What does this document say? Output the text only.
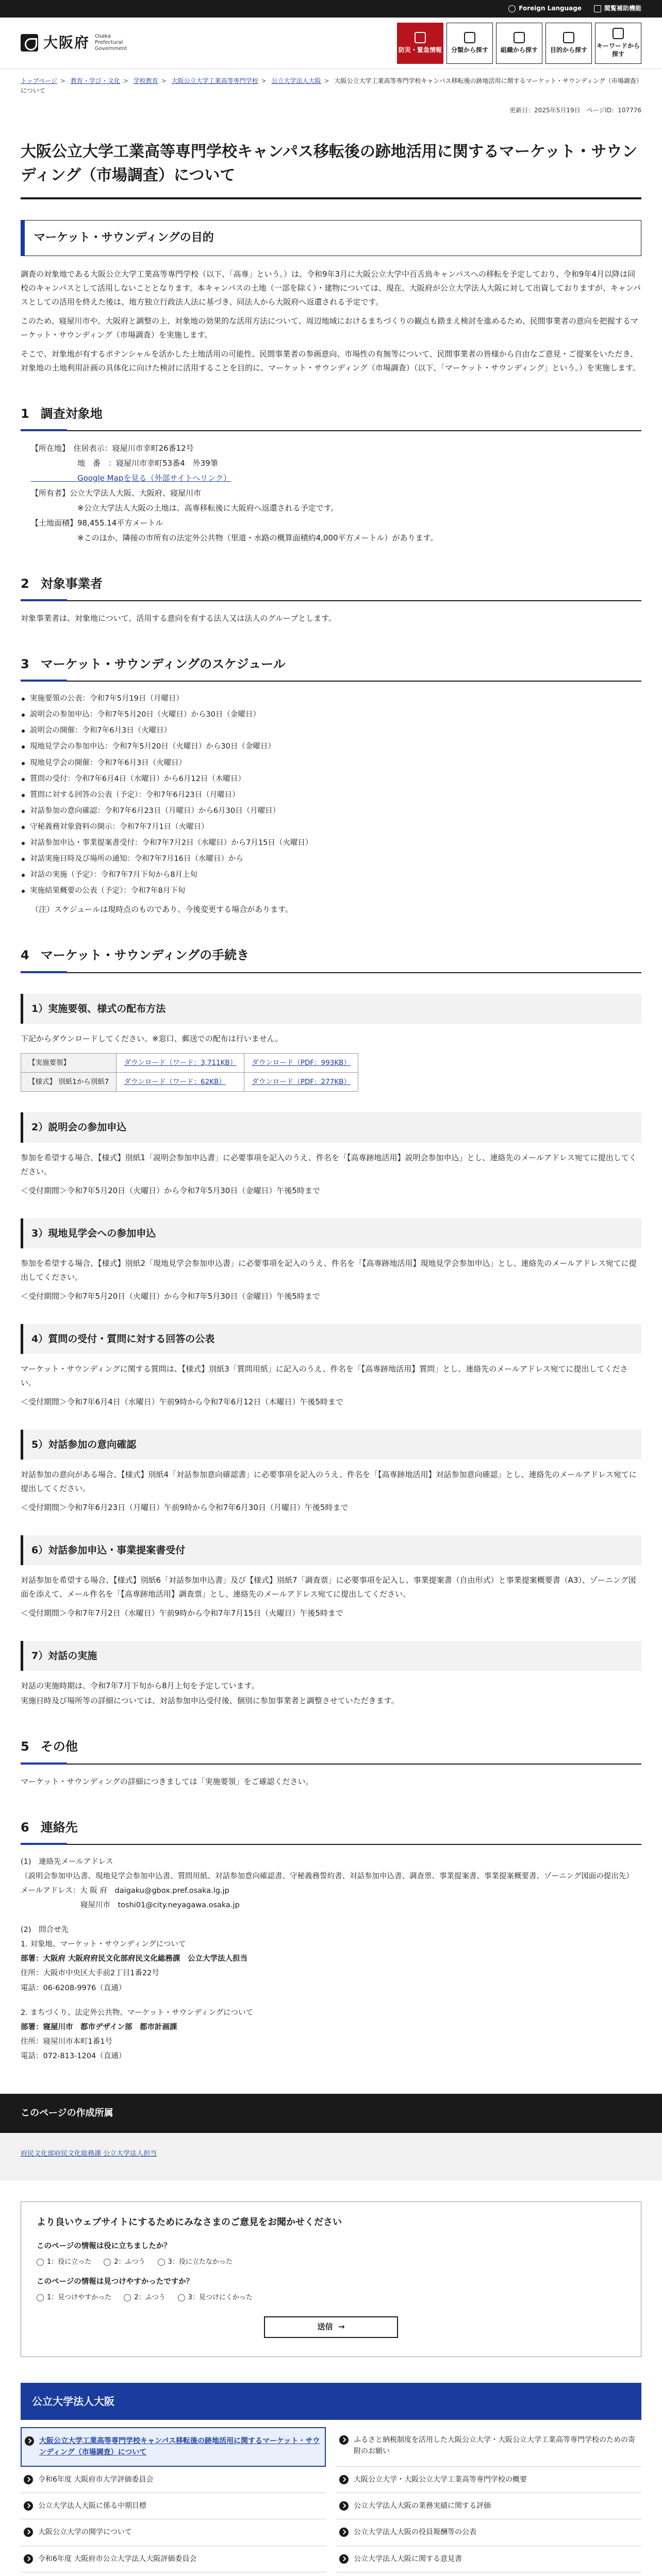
Foreign Language	閲覧補助機能
大阪府 Osaka Prefectural Government	防災・緊急情報 分類から探す 組織から探す 目的から探す
キーワードから探す
トップページ > 教育・学び・文化 > 学校教育 > 大阪公立大学工業高等専門学校 > 公立大学法人大阪 > 大阪公立大学工業高等専門学校キャンパス移転後の跡地活用に関するマーケット・サウンディング（市場調査）について
更新日：2025年5月19日　 ページID：107776
大阪公立大学工業高等専門学校キャンパス移転後の跡地活用に関するマーケット・サウンディング（市場調査）について
マーケット・サウンディングの目的

調査の対象地である大阪公立大学工業高等専門学校（以下、「高専」という。）は、令和9年3月に大阪公立大学中百舌鳥キャンパスへの移転を予定しており、令和9年4月以降は同校のキャンパスとして活用しないこととなります。本キャンパスの土地（一部を除く）・建物については、現在、大阪府が公立大学法人大阪に対して出資しておりますが、キャンパスとしての活用を終えた後は、地方独立行政法人法に基づき、同法人から大阪府へ返還される予定です。

このため、寝屋川市や、大阪府と調整の上、対象地の効果的な活用方法について、周辺地域におけるまちづくりの観点も踏まえ検討を進めるため、民間事業者の意向を把握するマーケット・サウンディング（市場調査）を実施します。

そこで、対象地が有するポテンシャルを活かした土地活用の可能性、民間事業者の参画意向、市場性の有無等について、民間事業者の皆様から自由なご意見・ご提案をいただき、対象地の土地利用計画の具体化に向けた検討に活用することを目的に、マーケット・サウンディング（市場調査）（以下、「マーケット・サウンディング」という。）を実施します。

1 調査対象地
【所在地】　住居表示：寝屋川市幸町26番12号
　　　　　　地　番　：寝屋川市幸町53番4　外39筆
　　　　　　Google Mapを見る（外部サイトへリンク）
【所有者】公立大学法人大阪、大阪府、寝屋川市
　　　　　　※公立大学法人大阪の土地は、高専移転後に大阪府へ返還される予定です。
【土地面積】98,455.14平方メートル
　　　　　　※このほか、隣接の市所有の法定外公共物（里道・水路の概算面積約4,000平方メートル）があります。
2 対象事業者

対象事業者は、対象地について、活用する意向を有する法人又は法人のグループとします。

3 マーケット・サウンディングのスケジュール
実施要領の公表：令和7年5月19日（月曜日）
説明会の参加申込：令和7年5月20日（火曜日）から30日（金曜日）
説明会の開催：令和7年6月3日（火曜日）
現地見学会の参加申込：令和7年5月20日（火曜日）から30日（金曜日）
現地見学会の開催：令和7年6月3日（火曜日）
質問の受付：令和7年6月4日（水曜日）から6月12日（木曜日）
質問に対する回答の公表（予定）：令和7年6月23日（月曜日）
対話参加の意向確認：令和7年6月23日（月曜日）から6月30日（月曜日）
守秘義務対象資料の開示：令和7年7月1日（火曜日）
対話参加申込・事業提案書受付：令和7年7月2日（水曜日）から7月15日（火曜日）
対話実施日時及び場所の通知：令和7年7月16日（水曜日）から
対話の実施（予定）：令和7年7月下旬から8月上旬
実施結果概要の公表（予定）：令和7年8月下旬

（注）スケジュールは現時点のものであり、今後変更する場合があります。

4 マーケット・サウンディングの手続き
1）実施要領、様式の配布方法

下記からダウンロードしてください。※窓口、郵送での配布は行いません。

【実施要領】	ダウンロード（ワード：3,711KB）	ダウンロード（PDF：993KB）
【様式】 別紙1から別紙7	ダウンロード（ワード：62KB）	ダウンロード（PDF：277KB）
2）説明会の参加申込

参加を希望する場合、【様式】別紙1「説明会参加申込書」に必要事項を記入のうえ、件名を「【高専跡地活用】説明会参加申込」とし、連絡先のメールアドレス宛てに提出してください。

＜受付期間＞令和7年5月20日（火曜日）から令和7年5月30日（金曜日）午後5時まで

3）現地見学会への参加申込

参加を希望する場合、【様式】別紙2「現地見学会参加申込書」に必要事項を記入のうえ、件名を「【高専跡地活用】現地見学会参加申込」とし、連絡先のメールアドレス宛てに提出してください。

＜受付期間＞令和7年5月20日（火曜日）から令和7年5月30日（金曜日）午後5時まで

4）質問の受付・質問に対する回答の公表

マーケット・サウンディングに関する質問は、【様式】別紙3「質問用紙」に記入のうえ、件名を「【高専跡地活用】質問」とし、連絡先のメールアドレス宛てに提出してください。

＜受付期間＞令和7年6月4日（水曜日）午前9時から令和7年6月12日（木曜日）午後5時まで

5）対話参加の意向確認

対話参加の意向がある場合、【様式】別紙4「対話参加意向確認書」に必要事項を記入のうえ、件名を「【高専跡地活用】対話参加意向確認」とし、連絡先のメールアドレス宛てに提出してください。

＜受付期間＞令和7年6月23日（月曜日）午前9時から令和7年6月30日（月曜日）午後5時まで

6）対話参加申込・事業提案書受付

対話参加を希望する場合、【様式】別紙6「対話参加申込書」及び【様式】別紙7「調査票」に必要事項を記入し、事業提案書（自由形式）と事業提案概要書（A3）、ゾーニング図面を添えて、メール件名を「【高専跡地活用】調査票」とし、連絡先のメールアドレス宛てに提出してください。

＜受付期間＞令和7年7月2日（水曜日）午前9時から令和7年7月15日（火曜日）午後5時まで

7）対話の実施

対話の実施時期は、令和7年7月下旬から8月上旬を予定しています。

実施日時及び場所等の詳細については、対話参加申込受付後、個別に参加事業者と調整させていただきます。

5 その他

マーケット・サウンディングの詳細につきましては「実施要領」をご確認ください。

6 連絡先
(1)　連絡先メールアドレス
（説明会参加申込書、現地見学会参加申込書、質問用紙、対話参加意向確認書、守秘義務誓約書、対話参加申込書、調査票、事業提案書、事業提案概要書、ゾーニング図面の提出先）
メールアドレス：大 阪 府　daigaku@gbox.pref.osaka.lg.jp
　　　　　　　　寝屋川市　toshi01@city.neyagawa.osaka.jp
(2)　問合せ先
1. 対象地、マーケット・サウンディングについて
部署：大阪府 大阪府府民文化部府民文化総務課　公立大学法人担当
住所：大阪市中央区大手前2丁目1番22号
電話：06-6208-9976（直通）
2. まちづくり、法定外公共物、マーケット・サウンディングについて
部署：寝屋川市　都市デザイン部　都市計画課
住所：寝屋川市本町1番1号
電話：072-813-1204（直通）
このページの作成所属
府民文化部府民文化総務課 公立大学法人担当
より良いウェブサイトにするためにみなさまのご意見をお聞かせください
このページの情報は役に立ちましたか？
1：役に立った	2：ふつう	3：役に立たなかった
このページの情報は見つけやすかったですか？
1：見つけやすかった	2：ふつう	3：見つけにくかった
送信 →
公立大学法人大阪
大阪公立大学工業高等専門学校キャンパス移転後の跡地活用に関するマーケット・サウンディング（市場調査）について
ふるさと納税制度を活用した大阪公立大学・大阪公立大学工業高等専門学校のための寄附のお願い
令和6年度 大阪府市大学評価委員会	大阪公立大学・大阪公立大学工業高等専門学校の概要
公立大学法人大阪に係る中期目標	公立大学法人大阪の業務実績に関する評価
大阪公立大学の開学について	公立大学法人大阪の役員報酬等の公表
令和6年度 大阪府市公立大学法人大阪評価委員会	公立大学法人大阪に関する意見書
